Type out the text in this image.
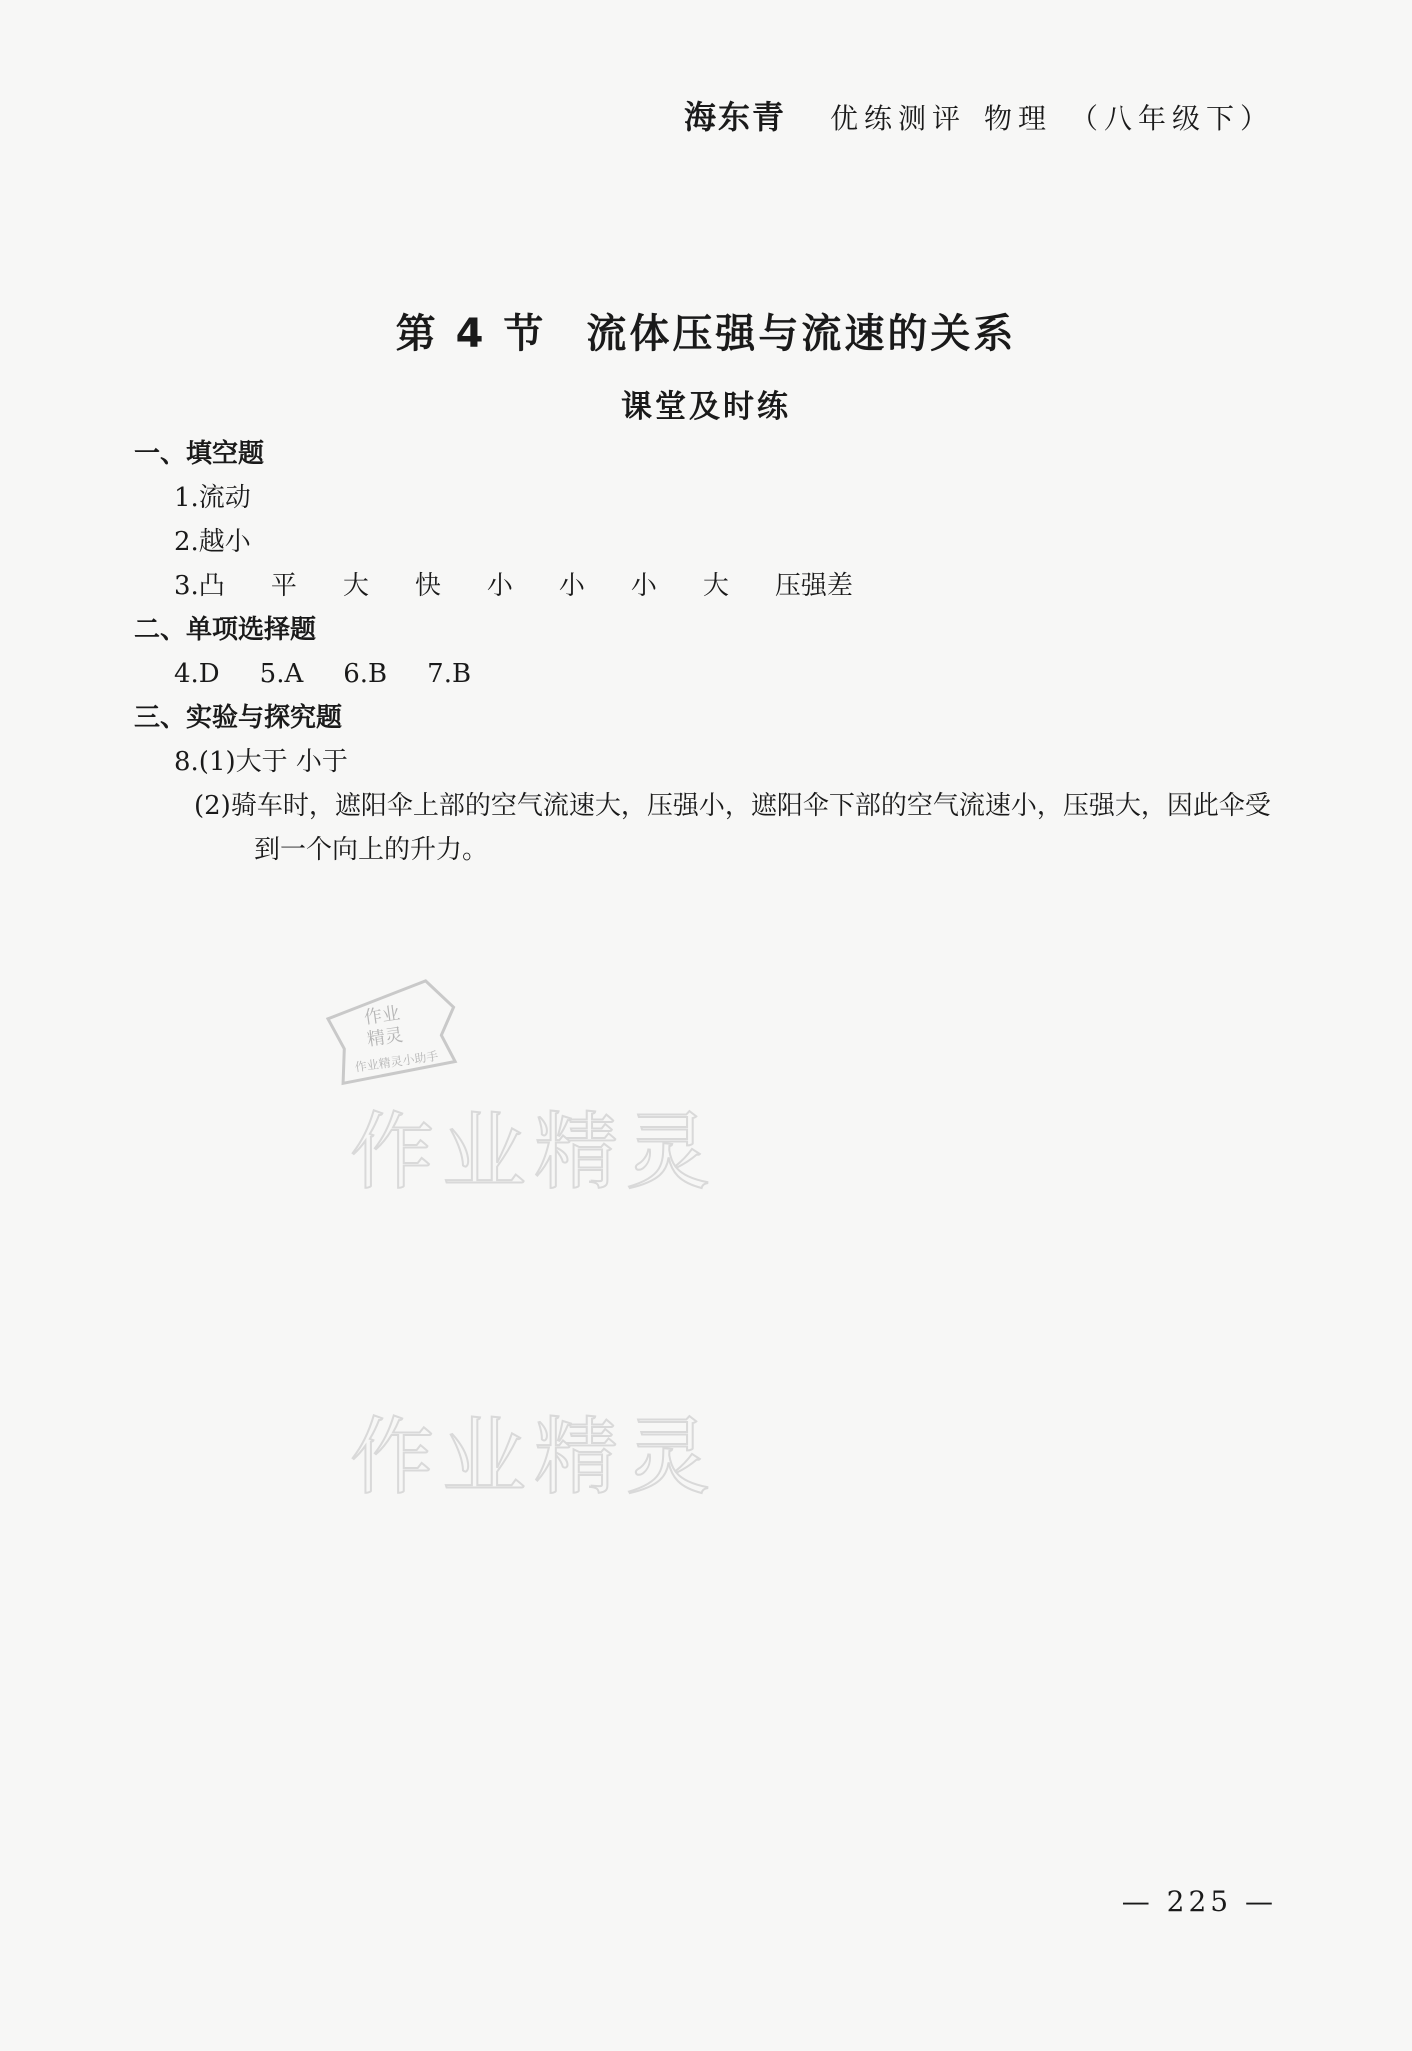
海东青 优练测评 物理 （八年级下）
第 4 节 流体压强与流速的关系
课堂及时练
一、填空题
1.流动
2.越小
3.凸 平 大 快 小 小 小 大 压强差
二、单项选择题
4.D 5.A 6.B 7.B
三、实验与探究题
8.(1)大于 小于

(2)骑车时，遮阳伞上部的空气流速大，压强小，遮阳伞下部的空气流速小，压强大，因此伞受到一个向上的升力。

作业
精灵
作业精灵小助手
作业精灵
作业精灵
— 225 —
